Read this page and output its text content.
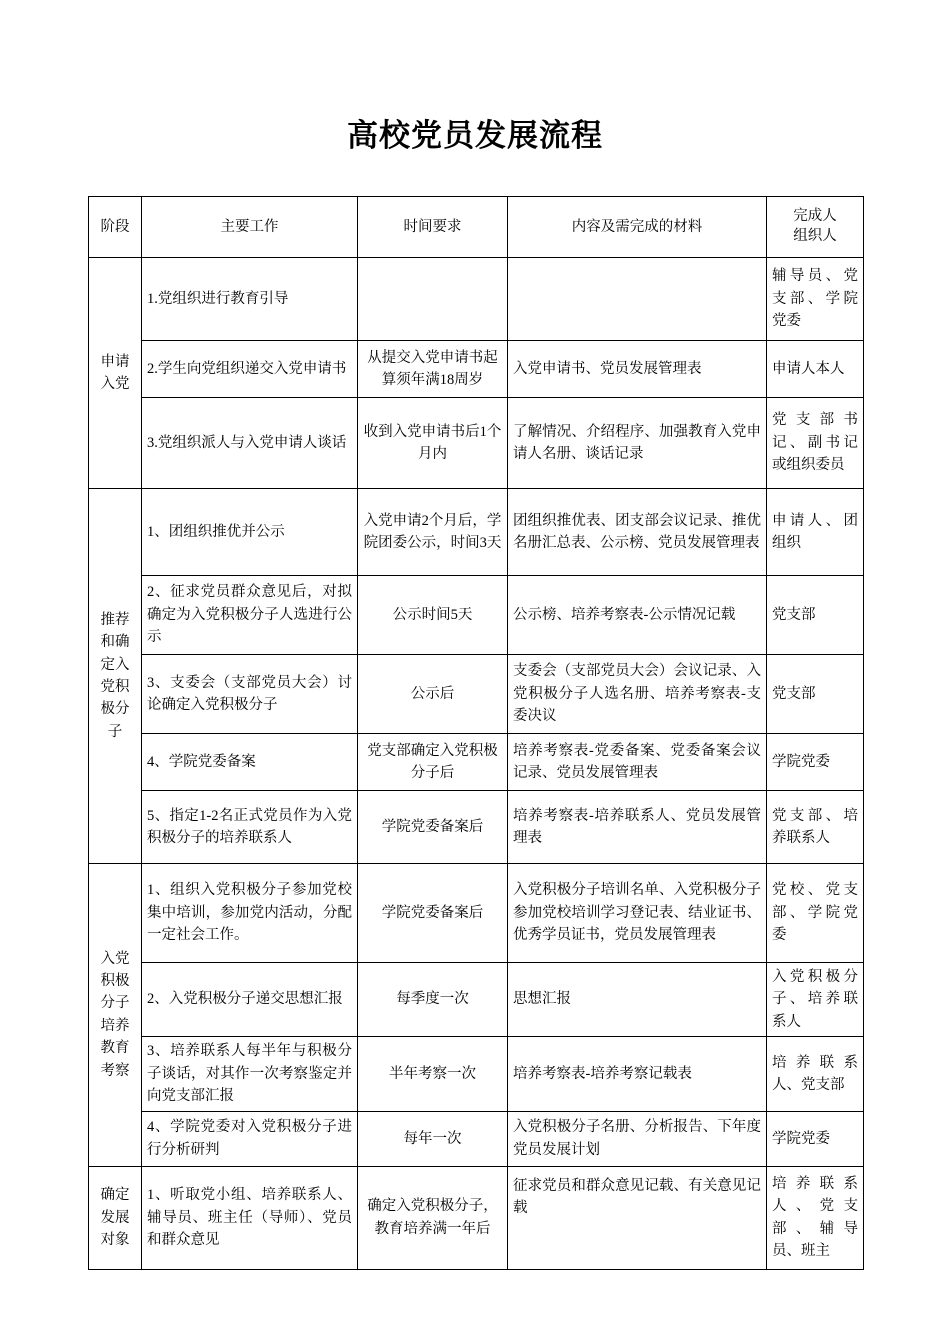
高校党员发展流程
阶段	主要工作	时间要求	内容及需完成的材料	完成人
组织人

申请入党	1.党组织进行教育引导			辅导员、党支部、学院党委
	2.学生向党组织递交入党申请书	从提交入党申请书起算须年满18周岁	入党申请书、党员发展管理表	申请人本人
	3.党组织派人与入党申请人谈话	收到入党申请书后1个月内	了解情况、介绍程序、加强教育入党申请人名册、谈话记录	党支部书记、副书记或组织委员
推荐和确定入党积极分子	1、团组织推优并公示	入党申请2个月后，学院团委公示，时间3天	团组织推优表、团支部会议记录、推优名册汇总表、公示榜、党员发展管理表	申请人、团组织
	2、征求党员群众意见后，对拟确定为入党积极分子人选进行公示	公示时间5天	公示榜、培养考察表-公示情况记载	党支部
	3、支委会（支部党员大会）讨论确定入党积极分子	公示后	支委会（支部党员大会）会议记录、入党积极分子人选名册、培养考察表-支委决议	党支部
	4、学院党委备案	党支部确定入党积极分子后	培养考察表-党委备案、党委备案会议记录、党员发展管理表	学院党委
	5、指定1-2名正式党员作为入党积极分子的培养联系人	学院党委备案后	培养考察表-培养联系人、党员发展管理表	党支部、培养联系人
入党积极分子培养教育考察	1、组织入党积极分子参加党校集中培训，参加党内活动，分配一定社会工作。	学院党委备案后	入党积极分子培训名单、入党积极分子参加党校培训学习登记表、结业证书、优秀学员证书，党员发展管理表	党校、党支部、学院党委
	2、入党积极分子递交思想汇报	每季度一次	思想汇报	入党积极分子、培养联系人
	3、培养联系人每半年与积极分子谈话，对其作一次考察鉴定并向党支部汇报	半年考察一次	培养考察表-培养考察记载表	培养联系人、党支部
	4、学院党委对入党积极分子进行分析研判	每年一次	入党积极分子名册、分析报告、下年度党员发展计划	学院党委
确定发展对象	1、听取党小组、培养联系人、辅导员、班主任（导师）、党员和群众意见	确定入党积极分子，教育培养满一年后	征求党员和群众意见记载、有关意见记载	培养联系人、党支部、辅导员、班主
